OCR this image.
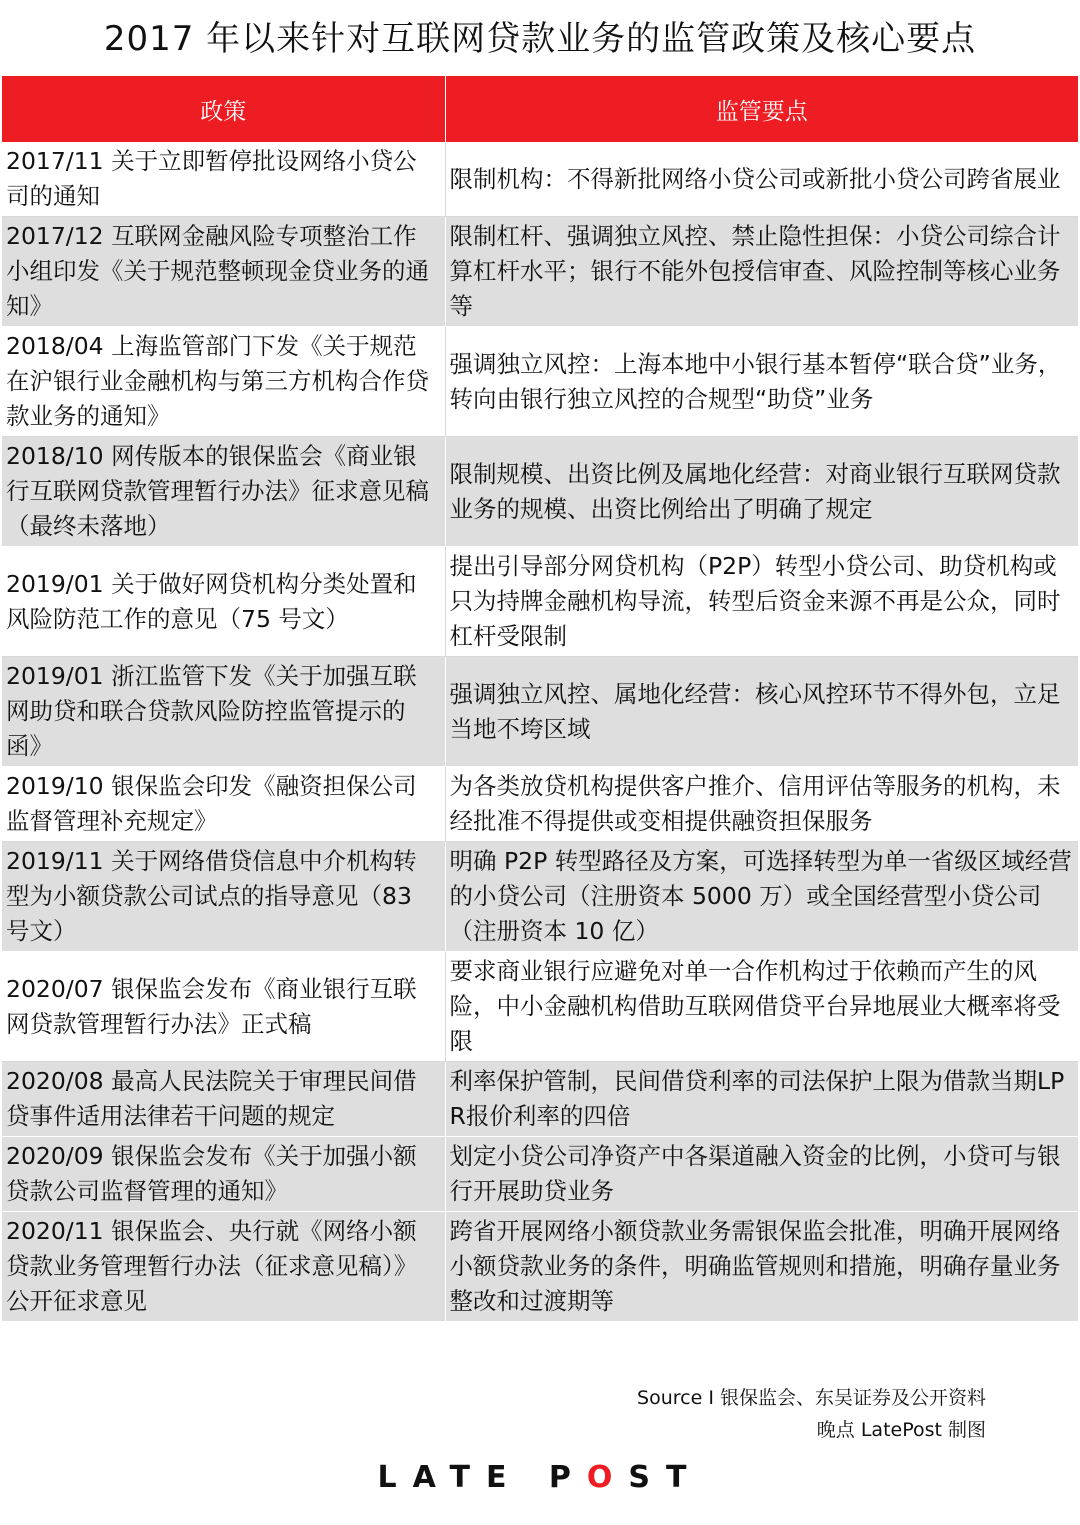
2017 年以来针对互联网贷款业务的监管政策及核心要点
政策	监管要点
2017/11 关于立即暂停批设网络小贷公司的通知	限制机构：不得新批网络小贷公司或新批小贷公司跨省展业
2017/12 互联网金融风险专项整治工作小组印发《关于规范整顿现金贷业务的通知》	限制杠杆、强调独立风控、禁止隐性担保：小贷公司综合计算杠杆水平；银行不能外包授信审查、风险控制等核心业务等
2018/04 上海监管部门下发《关于规范在沪银行业金融机构与第三方机构合作贷款业务的通知》	强调独立风控：上海本地中小银行基本暂停“联合贷”业务，转向由银行独立风控的合规型“助贷”业务
2018/10 网传版本的银保监会《商业银行互联网贷款管理暂行办法》征求意见稿（最终未落地）	限制规模、出资比例及属地化经营：对商业银行互联网贷款业务的规模、出资比例给出了明确了规定
2019/01 关于做好网贷机构分类处置和风险防范工作的意见（75 号文）	提出引导部分网贷机构（P2P）转型小贷公司、助贷机构或只为持牌金融机构导流，转型后资金来源不再是公众，同时杠杆受限制
2019/01 浙江监管下发《关于加强互联网助贷和联合贷款风险防控监管提示的函》	强调独立风控、属地化经营：核心风控环节不得外包，立足当地不垮区域
2019/10 银保监会印发《融资担保公司监督管理补充规定》	为各类放贷机构提供客户推介、信用评估等服务的机构，未经批准不得提供或变相提供融资担保服务
2019/11 关于网络借贷信息中介机构转型为小额贷款公司试点的指导意见（83 号文）	明确 P2P 转型路径及方案，可选择转型为单一省级区域经营的小贷公司（注册资本 5000 万）或全国经营型小贷公司（注册资本 10 亿）
2020/07 银保监会发布《商业银行互联网贷款管理暂行办法》正式稿	要求商业银行应避免对单一合作机构过于依赖而产生的风险，中小金融机构借助互联网借贷平台异地展业大概率将受限
2020/08 最高人民法院关于审理民间借贷事件适用法律若干问题的规定	利率保护管制，民间借贷利率的司法保护上限为借款当期LPR报价利率的四倍
2020/09 银保监会发布《关于加强小额贷款公司监督管理的通知》	划定小贷公司净资产中各渠道融入资金的比例，小贷可与银行开展助贷业务
2020/11 银保监会、央行就《网络小额贷款业务管理暂行办法（征求意见稿）》公开征求意见	跨省开展网络小额贷款业务需银保监会批准，明确开展网络小额贷款业务的条件，明确监管规则和措施，明确存量业务整改和过渡期等
Source I 银保监会、东吴证券及公开资料
晚点 LatePost 制图
LATE POST
